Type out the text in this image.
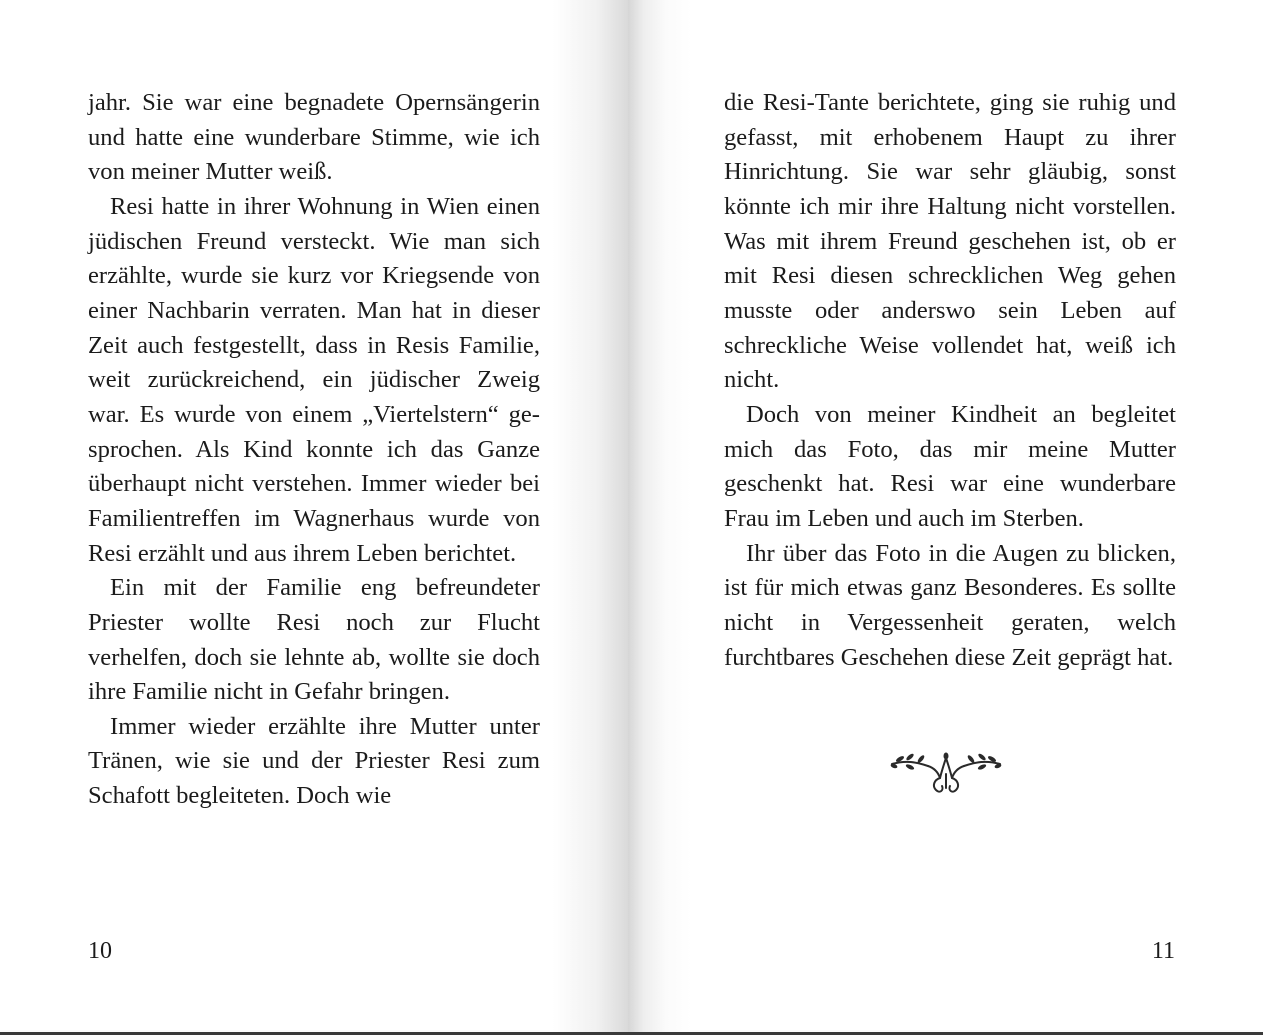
jahr. Sie war eine begnadete Opernsängerin und hatte eine wunderbare Stimme, wie ich von meiner Mutter weiß.

Resi hatte in ihrer Wohnung in Wien einen jüdischen Freund versteckt. Wie man sich erzählte, wurde sie kurz vor Kriegsende von einer Nachbarin verraten. Man hat in dieser Zeit auch festgestellt, dass in Resis Familie, weit zurückreichend, ein jüdischer Zweig war. Es wurde von einem „Viertelstern“ gesprochen. Als Kind konnte ich das Ganze überhaupt nicht verstehen. Immer wieder bei Familientreffen im Wagnerhaus wurde von Resi erzählt und aus ihrem Leben berichtet.

Ein mit der Familie eng befreundeter Priester wollte Resi noch zur Flucht verhelfen, doch sie lehnte ab, wollte sie doch ihre Familie nicht in Gefahr bringen.

Immer wieder erzählte ihre Mutter unter Tränen, wie sie und der Priester Resi zum Schafott begleiteten. Doch wie

10

die Resi-Tante berichtete, ging sie ruhig und gefasst, mit erhobenem Haupt zu ihrer Hinrichtung. Sie war sehr gläubig, sonst könnte ich mir ihre Haltung nicht vorstellen. Was mit ihrem Freund geschehen ist, ob er mit Resi diesen schrecklichen Weg gehen musste oder anderswo sein Leben auf schreckliche Weise vollendet hat, weiß ich nicht.

Doch von meiner Kindheit an begleitet mich das Foto, das mir meine Mutter geschenkt hat. Resi war eine wunderbare Frau im Leben und auch im Sterben.

Ihr über das Foto in die Augen zu blicken, ist für mich etwas ganz Besonderes. Es sollte nicht in Vergessenheit geraten, welch furchtbares Geschehen diese Zeit geprägt hat.

11
